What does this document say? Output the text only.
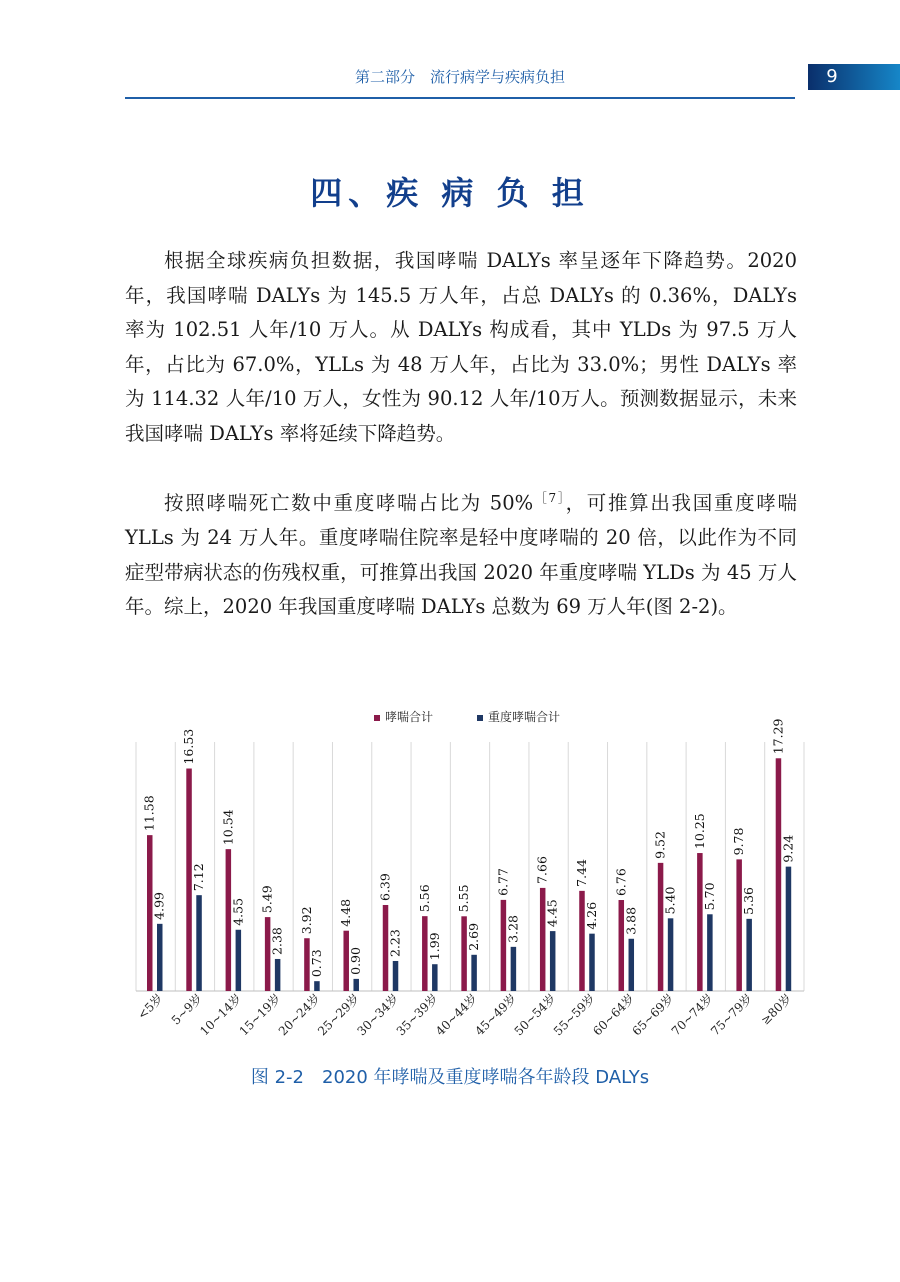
第二部分　流行病学与疾病负担	9
四、疾 病 负 担

根据全球疾病负担数据，我国哮喘 DALYs 率呈逐年下降趋势。2020 年，我国哮喘 DALYs 为 145.5 万人年，占总 DALYs 的 0.36%，DALYs 率为 102.51 人年/10 万人。从 DALYs 构成看，其中 YLDs 为 97.5 万人年，占比为 67.0%，YLLs 为 48 万人年，占比为 33.0%；男性 DALYs 率为 114.32 人年/10 万人，女性为 90.12 人年/10万人。预测数据显示，未来我国哮喘 DALYs 率将延续下降趋势。

按照哮喘死亡数中重度哮喘占比为 50%$^{[7]}$，可推算出我国重度哮喘 YLLs 为 24 万人年。重度哮喘住院率是轻中度哮喘的 20 倍，以此作为不同症型带病状态的伤残权重，可推算出我国 2020 年重度哮喘 YLDs 为 45 万人年。综上，2020 年我国重度哮喘 DALYs 总数为 69 万人年(图 2-2)。

哮喘合计	重度哮喘合计
11.58
4.99
<5岁
16.53
7.12
5~9岁
10.54
4.55
10~14岁
5.49
2.38
15~19岁
3.92
0.73
20~24岁
4.48
0.90
25~29岁
6.39
2.23
30~34岁
5.56
1.99
35~39岁
5.55
2.69
40~44岁
6.77
3.28
45~49岁
7.66
4.45
50~54岁
7.44
4.26
55~59岁
6.76
3.88
60~64岁
9.52
5.40
65~69岁
10.25
5.70
70~74岁
9.78
5.36
75~79岁
17.29
9.24
≥80岁
图 2-2　2020 年哮喘及重度哮喘各年龄段 DALYs
